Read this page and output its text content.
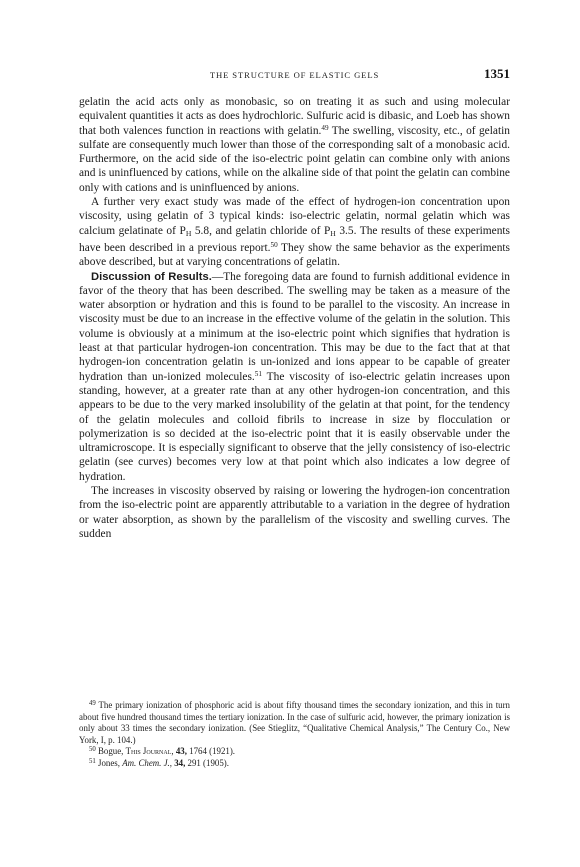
THE STRUCTURE OF ELASTIC GELS	1351

gelatin the acid acts only as monobasic, so on treating it as such and using molecular equivalent quantities it acts as does hydrochloric. Sulfuric acid is dibasic, and Loeb has shown that both valences function in reactions with gelatin.$^{49}$ The swelling, viscosity, etc., of gelatin sulfate are consequently much lower than those of the corresponding salt of a monobasic acid. Furthermore, on the acid side of the iso-electric point gelatin can combine only with anions and is uninfluenced by cations, while on the alkaline side of that point the gelatin can combine only with cations and is uninfluenced by anions.

A further very exact study was made of the effect of hydrogen-ion concentration upon viscosity, using gelatin of 3 typical kinds: iso-electric gelatin, normal gelatin which was calcium gelatinate of $P_H$ 5.8, and gelatin chloride of $P_H$ 3.5. The results of these experiments have been described in a previous report.$^{50}$ They show the same behavior as the experiments above described, but at varying concentrations of gelatin.

Discussion of Results.—The foregoing data are found to furnish additional evidence in favor of the theory that has been described. The swelling may be taken as a measure of the water absorption or hydration and this is found to be parallel to the viscosity. An increase in viscosity must be due to an increase in the effective volume of the gelatin in the solution. This volume is obviously at a minimum at the iso-electric point which signifies that hydration is least at that particular hydrogen-ion concentration. This may be due to the fact that at that hydrogen-ion concentration gelatin is un-ionized and ions appear to be capable of greater hydration than un-ionized molecules.$^{51}$ The viscosity of iso-electric gelatin increases upon standing, however, at a greater rate than at any other hydrogen-ion concentration, and this appears to be due to the very marked insolubility of the gelatin at that point, for the tendency of the gelatin molecules and colloid fibrils to increase in size by flocculation or polymerization is so decided at the iso-electric point that it is easily observable under the ultramicroscope. It is especially significant to observe that the jelly consistency of iso-electric gelatin (see curves) becomes very low at that point which also indicates a low degree of hydration.

The increases in viscosity observed by raising or lowering the hydrogen-ion concentration from the iso-electric point are apparently attributable to a variation in the degree of hydration or water absorption, as shown by the parallelism of the viscosity and swelling curves. The sudden

$^{49}$ The primary ionization of phosphoric acid is about fifty thousand times the secondary ionization, and this in turn about five hundred thousand times the tertiary ionization. In the case of sulfuric acid, however, the primary ionization is only about 33 times the secondary ionization. (See Stieglitz, “Qualitative Chemical Analysis,” The Century Co., New York, I, p. 104.)

$^{50}$ Bogue, This Journal, 43, 1764 (1921).

$^{51}$ Jones, Am. Chem. J., 34, 291 (1905).
